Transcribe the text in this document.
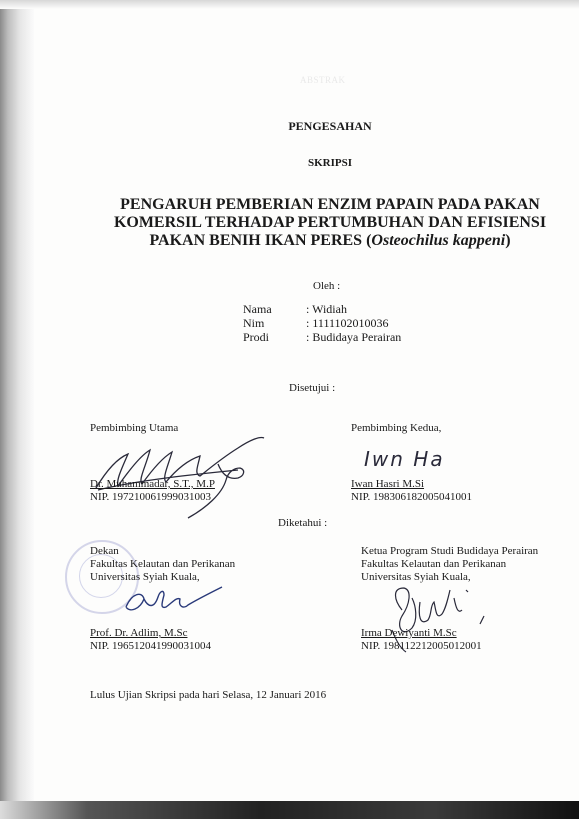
ABSTRAK
PENGESAHAN
SKRIPSI
PENGARUH PEMBERIAN ENZIM PAPAIN PADA PAKAN
KOMERSIL TERHADAP PERTUMBUHAN DAN EFISIENSI
PAKAN BENIH IKAN PERES (Osteochilus kappeni)
Oleh :
Nama	: Widiah
Nim	: 1111102010036
Prodi	: Budidaya Perairan
Disetujui :
Pembimbing Utama
Dr. Muhammadar, S.T., M.P
NIP. 197210061999031003
Pembimbing Kedua,
Iwn Ha
Iwan Hasri M.Si
NIP. 198306182005041001
Diketahui :
Dekan
Fakultas Kelautan dan Perikanan
Universitas Syiah Kuala,
Prof. Dr. Adlim, M.Sc
NIP. 196512041990031004
Ketua Program Studi Budidaya Perairan
Fakultas Kelautan dan Perikanan
Universitas Syiah Kuala,
Irma Dewiyanti M.Sc
NIP. 198112212005012001
Lulus Ujian Skripsi pada hari Selasa, 12 Januari 2016
